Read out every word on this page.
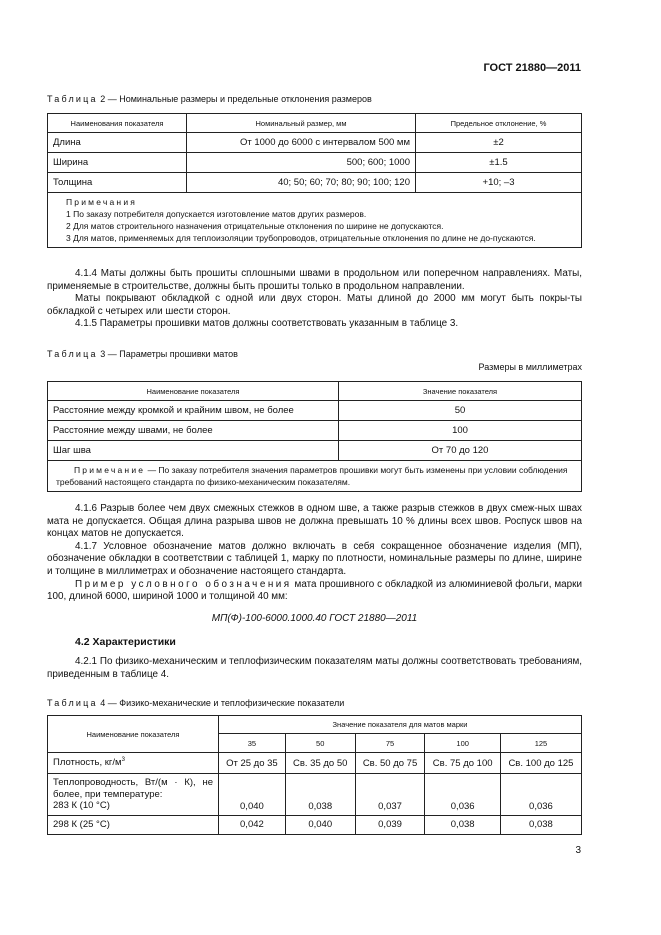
ГОСТ 21880—2011
Таблица 2 — Номинальные размеры и предельные отклонения размеров
Наименования показателя	Номинальный размер, мм	Предельное отклонение, %
Длина	От 1000 до 6000 с интервалом 500 мм	±2
Ширина	500; 600; 1000	±1.5
Толщина	40; 50; 60; 70; 80; 90; 100; 120	+10; –3

Примечания
1 По заказу потребителя допускается изготовление матов других размеров.
2 Для матов строительного назначения отрицательные отклонения по ширине не допускаются.
3 Для матов, применяемых для теплоизоляции трубопроводов, отрицательные отклонения по длине не до-пускаются.		

4.1.4 Маты должны быть прошиты сплошными швами в продольном или поперечном направлениях. Маты, применяемые в строительстве, должны быть прошиты только в продольном направлении.

Маты покрывают обкладкой с одной или двух сторон. Маты длиной до 2000 мм могут быть покры-ты обкладкой с четырех или шести сторон.

4.1.5 Параметры прошивки матов должны соответствовать указанным в таблице 3.

Таблица 3 — Параметры прошивки матов
Размеры в миллиметрах
Наименование показателя	Значение показателя
Расстояние между кромкой и крайним швом, не более	50
Расстояние между швами, не более	100
Шаг шва	От 70 до 120
Примечание — По заказу потребителя значения параметров прошивки могут быть изменены при условии соблюдения требований настоящего стандарта по физико-механическим показателям.	

4.1.6 Разрыв более чем двух смежных стежков в одном шве, а также разрыв стежков в двух смеж-ных швах мата не допускается. Общая длина разрыва швов не должна превышать 10 % длины всех швов. Роспуск швов на концах матов не допускается.

4.1.7 Условное обозначение матов должно включать в себя сокращенное обозначение изделия (МП), обозначение обкладки в соответствии с таблицей 1, марку по плотности, номинальные размеры по длине, ширине и толщине в миллиметрах и обозначение настоящего стандарта.

Пример условного обозначения мата прошивного с обкладкой из алюминиевой фольги, марки 100, длиной 6000, шириной 1000 и толщиной 40 мм:

МП(Ф)-100-6000.1000.40 ГОСТ 21880—2011
4.2 Характеристики

4.2.1 По физико-механическим и теплофизическим показателям маты должны соответствовать требованиям, приведенным в таблице 4.

Таблица 4 — Физико-механические и теплофизические показатели
Наименование показателя	Значение показателя для матов марки				
	35	50	75	100	125
Плотность, $кг/м^3$	От 25 до 35	Св. 35 до 50	Св. 50 до 75	Св. 75 до 100	Св. 100 до 125

Теплопроводность, Вт/(м · К), не более, при температуре:
283 К (10 °С)	0,040	0,038	0,037	0,036	0,036
298 К (25 °С)	0,042	0,040	0,039	0,038	0,038
3
